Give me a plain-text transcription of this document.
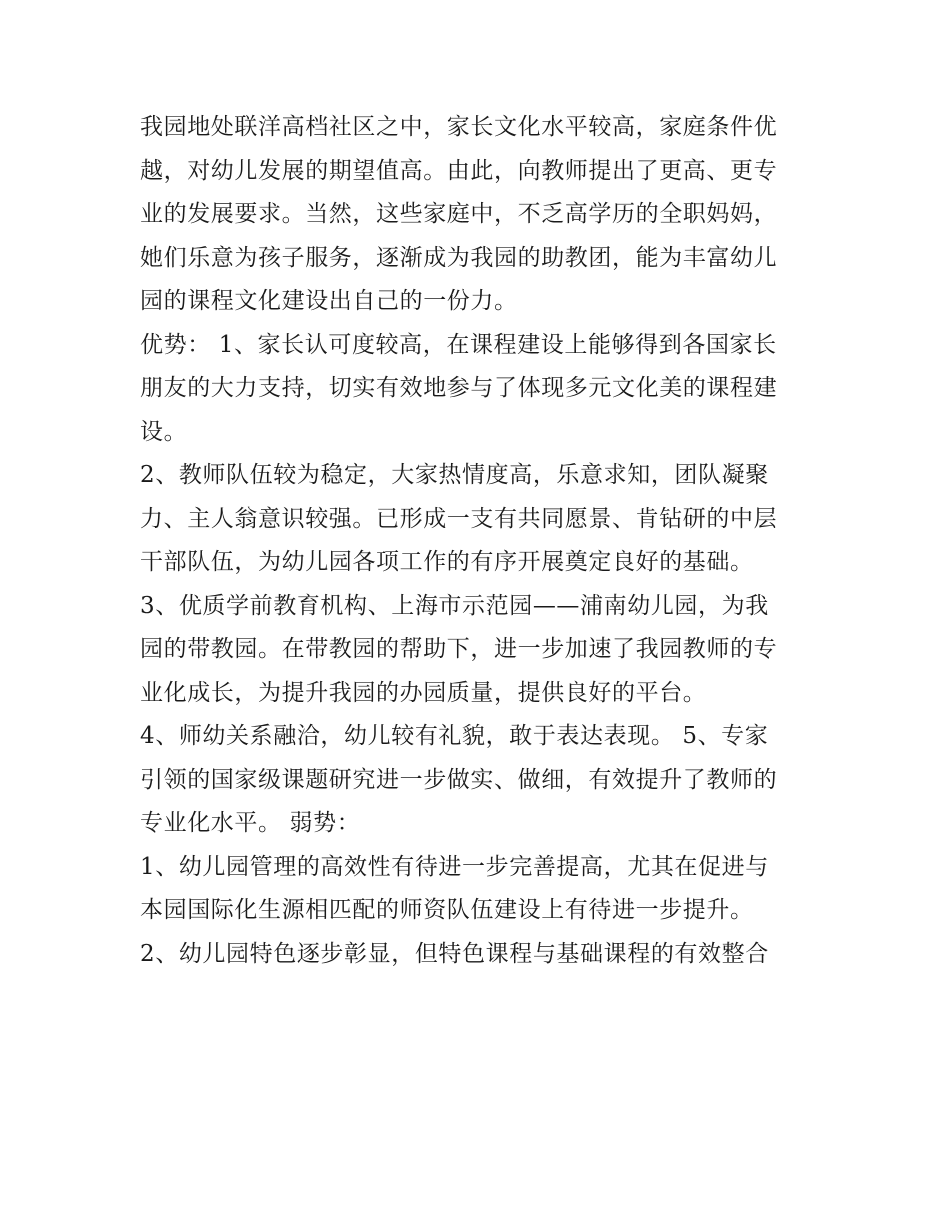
我园地处联洋高档社区之中，家长文化水平较高，家庭条件优
越，对幼儿发展的期望值高。由此，向教师提出了更高、更专
业的发展要求。当然，这些家庭中，不乏高学历的全职妈妈，
她们乐意为孩子服务，逐渐成为我园的助教团，能为丰富幼儿
园的课程文化建设出自己的一份力。
优势： 1、家长认可度较高，在课程建设上能够得到各国家长
朋友的大力支持，切实有效地参与了体现多元文化美的课程建
设。
2、教师队伍较为稳定，大家热情度高，乐意求知，团队凝聚
力、主人翁意识较强。已形成一支有共同愿景、肯钻研的中层
干部队伍，为幼儿园各项工作的有序开展奠定良好的基础。
3、优质学前教育机构、上海市示范园——浦南幼儿园，为我
园的带教园。在带教园的帮助下，进一步加速了我园教师的专
业化成长，为提升我园的办园质量，提供良好的平台。
4、师幼关系融洽，幼儿较有礼貌，敢于表达表现。 5、专家
引领的国家级课题研究进一步做实、做细，有效提升了教师的
专业化水平。 弱势：
1、幼儿园管理的高效性有待进一步完善提高，尤其在促进与
本园国际化生源相匹配的师资队伍建设上有待进一步提升。
2、幼儿园特色逐步彰显，但特色课程与基础课程的有效整合
